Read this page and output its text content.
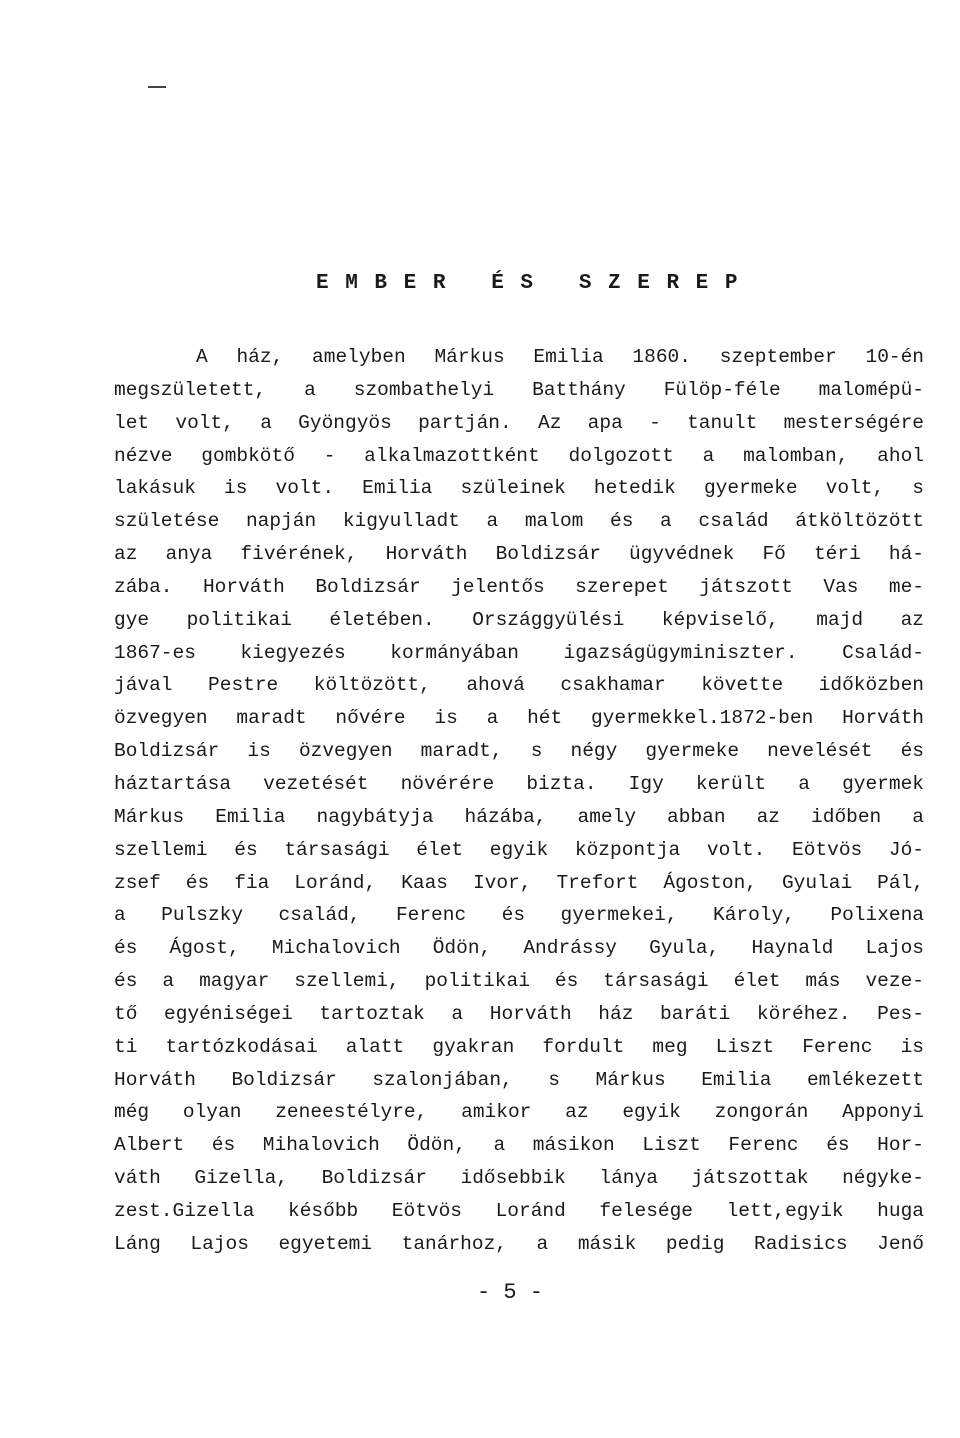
E M B E R   É S   S Z E R E P
A ház, amelyben Márkus Emilia 1860. szeptember 10-én
megszületett, a szombathelyi Batthány Fülöp-féle malomépü-
let volt, a Gyöngyös partján. Az apa - tanult mesterségére
nézve gombkötő - alkalmazottként dolgozott a malomban, ahol
lakásuk is volt. Emilia szüleinek hetedik gyermeke volt, s
születése napján kigyulladt a malom és a család átköltözött
az anya fivérének, Horváth Boldizsár ügyvédnek Fő téri há-
zába. Horváth Boldizsár jelentős szerepet játszott Vas me-
gye politikai életében. Országgyülési képviselő, majd az
1867-es kiegyezés kormányában igazságügyminiszter. Család-
jával Pestre költözött, ahová csakhamar követte időközben
özvegyen maradt nővére is a hét gyermekkel.1872-ben Horváth
Boldizsár is özvegyen maradt, s négy gyermeke nevelését és
háztartása vezetését növérére bizta. Igy került a gyermek
Márkus Emilia nagybátyja házába, amely abban az időben a
szellemi és társasági élet egyik központja volt. Eötvös Jó-
zsef és fia Loránd, Kaas Ivor, Trefort Ágoston, Gyulai Pál,
a Pulszky család, Ferenc és gyermekei, Károly, Polixena
és Ágost, Michalovich Ödön, Andrássy Gyula, Haynald Lajos
és a magyar szellemi, politikai és társasági élet más veze-
tő egyéniségei tartoztak a Horváth ház baráti köréhez. Pes-
ti tartózkodásai alatt gyakran fordult meg Liszt Ferenc is
Horváth Boldizsár szalonjában, s Márkus Emilia emlékezett
még olyan zeneestélyre, amikor az egyik zongorán Apponyi
Albert és Mihalovich Ödön, a másikon Liszt Ferenc és Hor-
váth Gizella, Boldizsár idősebbik lánya játszottak négyke-
zest.Gizella később Eötvös Loránd felesége lett,egyik huga
Láng Lajos egyetemi tanárhoz, a másik pedig Radisics Jenő
- 5 -
